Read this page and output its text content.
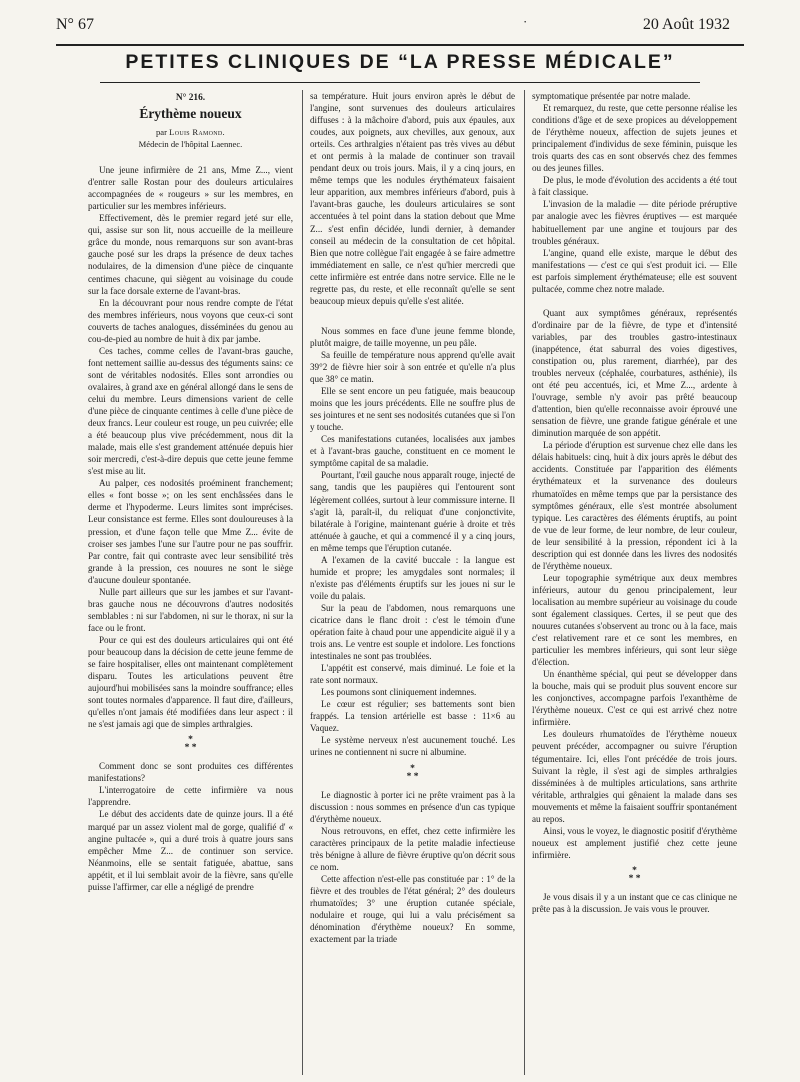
N° 67	·	20 Août 1932
PETITES CLINIQUES DE “LA PRESSE MÉDICALE”
N° 216.
Érythème noueux
par Louis Ramond.
Médecin de l'hôpital Laennec.

Une jeune infirmière de 21 ans, Mme Z..., vient d'entrer salle Rostan pour des douleurs articulaires accompagnées de « rougeurs » sur les membres, en particulier sur les membres inférieurs.

Effectivement, dès le premier regard jeté sur elle, qui, assise sur son lit, nous accueille de la meilleure grâce du monde, nous remarquons sur son avant-bras gauche posé sur les draps la présence de deux taches nodulaires, de la dimension d'une pièce de cinquante centimes chacune, qui siègent au voisinage du coude sur la face dorsale externe de l'avant-bras.

En la découvrant pour nous rendre compte de l'état des membres inférieurs, nous voyons que ceux-ci sont couverts de taches analogues, disséminées du genou au cou-de-pied au nombre de huit à dix par jambe.

Ces taches, comme celles de l'avant-bras gauche, font nettement saillie au-dessus des téguments sains: ce sont de véritables nodosités. Elles sont arrondies ou ovalaires, à grand axe en général allongé dans le sens de celui du membre. Leurs dimensions varient de celle d'une pièce de cinquante centimes à celle d'une pièce de deux francs. Leur couleur est rouge, un peu cuivrée; elle a été beaucoup plus vive précédemment, nous dit la malade, mais elle s'est grandement atténuée depuis hier soir mercredi, c'est-à-dire depuis que cette jeune femme s'est mise au lit.

Au palper, ces nodosités proéminent franchement; elles « font bosse »; on les sent enchâssées dans le derme et l'hypoderme. Leurs limites sont imprécises. Leur consistance est ferme. Elles sont douloureuses à la pression, et d'une façon telle que Mme Z... évite de croiser ses jambes l'une sur l'autre pour ne pas souffrir. Par contre, fait qui contraste avec leur sensibilité très grande à la pression, ces nouures ne sont le siège d'aucune douleur spontanée.

Nulle part ailleurs que sur les jambes et sur l'avant-bras gauche nous ne découvrons d'autres nodosités semblables : ni sur l'abdomen, ni sur le thorax, ni sur la face ou le front.

Pour ce qui est des douleurs articulaires qui ont été pour beaucoup dans la décision de cette jeune femme de se faire hospitaliser, elles ont maintenant complètement disparu. Toutes les articulations peuvent être aujourd'hui mobilisées sans la moindre souffrance; elles sont toutes normales d'apparence. Il faut dire, d'ailleurs, qu'elles n'ont jamais été modifiées dans leur aspect : il ne s'est jamais agi que de simples arthralgies.

*
* *

Comment donc se sont produites ces différentes manifestations?

L'interrogatoire de cette infirmière va nous l'apprendre.

Le début des accidents date de quinze jours. Il a été marqué par un assez violent mal de gorge, qualifié d' « angine pultacée », qui a duré trois à quatre jours sans empêcher Mme Z... de continuer son service. Néanmoins, elle se sentait fatiguée, abattue, sans appétit, et il lui semblait avoir de la fièvre, sans qu'elle puisse l'affirmer, car elle a négligé de prendre

sa température. Huit jours environ après le début de l'angine, sont survenues des douleurs articulaires diffuses : à la mâchoire d'abord, puis aux épaules, aux coudes, aux poignets, aux chevilles, aux genoux, aux orteils. Ces arthralgies n'étaient pas très vives au début et ont permis à la malade de continuer son travail pendant deux ou trois jours. Mais, il y a cinq jours, en même temps que les nodules érythémateux faisaient leur apparition, aux membres inférieurs d'abord, puis à l'avant-bras gauche, les douleurs articulaires se sont accentuées à tel point dans la station debout que Mme Z... s'est enfin décidée, lundi dernier, à demander conseil au médecin de la consultation de cet hôpital. Bien que notre collègue l'ait engagée à se faire admettre immédiatement en salle, ce n'est qu'hier mercredi que cette infirmière est entrée dans notre service. Elle ne le regrette pas, du reste, et elle reconnaît qu'elle se sent beaucoup mieux depuis qu'elle s'est alitée.

Nous sommes en face d'une jeune femme blonde, plutôt maigre, de taille moyenne, un peu pâle.

Sa feuille de température nous apprend qu'elle avait 39°2 de fièvre hier soir à son entrée et qu'elle n'a plus que 38° ce matin.

Elle se sent encore un peu fatiguée, mais beaucoup moins que les jours précédents. Elle ne souffre plus de ses jointures et ne sent ses nodosités cutanées que si l'on y touche.

Ces manifestations cutanées, localisées aux jambes et à l'avant-bras gauche, constituent en ce moment le symptôme capital de sa maladie.

Pourtant, l'œil gauche nous apparaît rouge, injecté de sang, tandis que les paupières qui l'entourent sont légèrement collées, surtout à leur commissure interne. Il s'agit là, paraît-il, du reliquat d'une conjonctivite, bilatérale à l'origine, maintenant guérie à droite et très atténuée à gauche, et qui a commencé il y a cinq jours, en même temps que l'éruption cutanée.

A l'examen de la cavité buccale : la langue est humide et propre; les amygdales sont normales; il n'existe pas d'éléments éruptifs sur les joues ni sur le voile du palais.

Sur la peau de l'abdomen, nous remarquons une cicatrice dans le flanc droit : c'est le témoin d'une opération faite à chaud pour une appendicite aiguë il y a trois ans. Le ventre est souple et indolore. Les fonctions intestinales ne sont pas troublées.

L'appétit est conservé, mais diminué. Le foie et la rate sont normaux.

Les poumons sont cliniquement indemnes.

Le cœur est régulier; ses battements sont bien frappés. La tension artérielle est basse : 11×6 au Vaquez.

Le système nerveux n'est aucunement touché. Les urines ne contiennent ni sucre ni albumine.

*
* *

Le diagnostic à porter ici ne prête vraiment pas à la discussion : nous sommes en présence d'un cas typique d'érythème noueux.

Nous retrouvons, en effet, chez cette infirmière les caractères principaux de la petite maladie infectieuse très bénigne à allure de fièvre éruptive qu'on décrit sous ce nom.

Cette affection n'est-elle pas constituée par : 1° de la fièvre et des troubles de l'état général; 2° des douleurs rhumatoïdes; 3° une éruption cutanée spéciale, nodulaire et rouge, qui lui a valu précisément sa dénomination d'érythème noueux? En somme, exactement par la triade

symptomatique présentée par notre malade.

Et remarquez, du reste, que cette personne réalise les conditions d'âge et de sexe propices au développement de l'érythème noueux, affection de sujets jeunes et principalement d'individus de sexe féminin, puisque les trois quarts des cas en sont observés chez des femmes ou des jeunes filles.

De plus, le mode d'évolution des accidents a été tout à fait classique.

L'invasion de la maladie — dite période préruptive par analogie avec les fièvres éruptives — est marquée habituellement par une angine et toujours par des troubles généraux.

L'angine, quand elle existe, marque le début des manifestations — c'est ce qui s'est produit ici. — Elle est parfois simplement érythémateuse; elle est souvent pultacée, comme chez notre malade.

Quant aux symptômes généraux, représentés d'ordinaire par de la fièvre, de type et d'intensité variables, par des troubles gastro-intestinaux (inappétence, état saburral des voies digestives, constipation ou, plus rarement, diarrhée), par des troubles nerveux (céphalée, courbatures, asthénie), ils ont été peu accentués, ici, et Mme Z..., ardente à l'ouvrage, semble n'y avoir pas prêté beaucoup d'attention, bien qu'elle reconnaisse avoir éprouvé une sensation de fièvre, une grande fatigue générale et une diminution marquée de son appétit.

La période d'éruption est survenue chez elle dans les délais habituels: cinq, huit à dix jours après le début des accidents. Constituée par l'apparition des éléments érythémateux et la survenance des douleurs rhumatoïdes en même temps que par la persistance des symptômes généraux, elle s'est montrée absolument typique. Les caractères des éléments éruptifs, au point de vue de leur forme, de leur nombre, de leur couleur, de leur sensibilité à la pression, répondent ici à la description qui est donnée dans les livres des nodosités de l'érythème noueux.

Leur topographie symétrique aux deux membres inférieurs, autour du genou principalement, leur localisation au membre supérieur au voisinage du coude sont également classiques. Certes, il se peut que des nouures cutanées s'observent au tronc ou à la face, mais c'est relativement rare et ce sont les membres, en particulier les membres inférieurs, qui sont leur siège d'élection.

Un énanthème spécial, qui peut se développer dans la bouche, mais qui se produit plus souvent encore sur les conjonctives, accompagne parfois l'exanthème de l'érythème noueux. C'est ce qui est arrivé chez notre infirmière.

Les douleurs rhumatoïdes de l'érythème noueux peuvent précéder, accompagner ou suivre l'éruption tégumentaire. Ici, elles l'ont précédée de trois jours. Suivant la règle, il s'est agi de simples arthralgies disséminées à de multiples articulations, sans arthrite véritable, arthralgies qui gênaient la malade dans ses mouvements et même la faisaient souffrir spontanément au repos.

Ainsi, vous le voyez, le diagnostic positif d'érythème noueux est amplement justifié chez cette jeune infirmière.

*
* *

Je vous disais il y a un instant que ce cas clinique ne prête pas à la discussion. Je vais vous le prouver.
